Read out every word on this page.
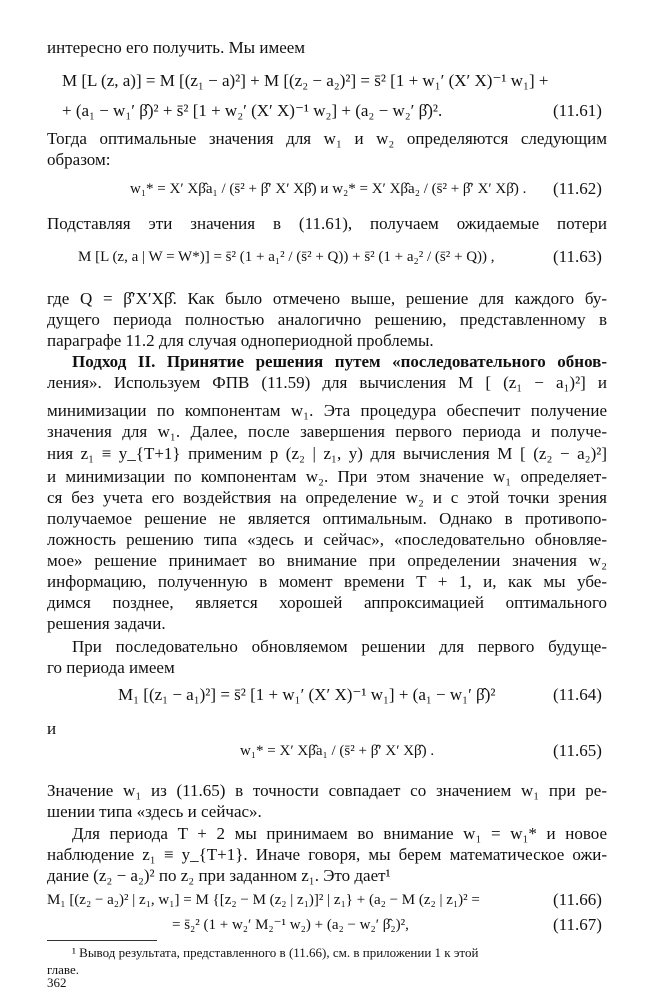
интересно его получить. Мы имеем
M [L (z, a)] = M [(z₁ − a)²] + M [(z₂ − a₂)²] = s̄² [1 + w₁′ (X′ X)⁻¹ w₁] +
+ (a₁ − w₁′ β̂)² + s̄² [1 + w₂′ (X′ X)⁻¹ w₂] + (a₂ − w₂′ β̂)².	(11.61)
Тогда оптимальные значения для w₁ и w₂ определяются следующим
образом:
w₁* = X′ Xβ̂a₁ / (s̄² + β̂′ X′ Xβ̂) и w₂* = X′ Xβ̂a₂ / (s̄² + β̂′ X′ Xβ̂) . (11.62)
Подставляя эти значения в (11.61), получаем ожидаемые потери
M [L (z, a | W = W*)] = s̄² (1 + a₁² / (s̄² + Q)) + s̄² (1 + a₂² / (s̄² + Q)) ,	(11.63)
где Q = β̂′X′Xβ̂. Как было отмечено выше, решение для каждого бу-
дущего периода полностью аналогично решению, представленному в
параграфе 11.2 для случая однопериодной проблемы.
Подход II. Принятие решения путем «последовательного обнов-
ления». Используем ФПВ (11.59) для вычисления M [ (z₁ − a₁)²] и
минимизации по компонентам w₁. Эта процедура обеспечит получение
значения для w₁. Далее, после завершения первого периода и получе-
ния z₁ ≡ y_{T+1} применим p (z₂ | z₁, y) для вычисления M [ (z₂ − a₂)²]
и минимизации по компонентам w₂. При этом значение w₁ определяет-
ся без учета его воздействия на определение w₂ и с этой точки зрения
получаемое решение не является оптимальным. Однако в противопо-
ложность решению типа «здесь и сейчас», «последовательно обновляе-
мое» решение принимает во внимание при определении значения w₂
информацию, полученную в момент времени T + 1, и, как мы убе-
димся позднее, является хорошей аппроксимацией оптимального
решения задачи.
При последовательно обновляемом решении для первого будуще-
го периода имеем
M₁ [(z₁ − a₁)²] = s̄² [1 + w₁′ (X′ X)⁻¹ w₁] + (a₁ − w₁′ β̂)²	(11.64)
и
w₁* = X′ Xβ̂a₁ / (s̄² + β̂′ X′ Xβ̂) .	(11.65)
Значение w₁ из (11.65) в точности совпадает со значением w₁ при ре-
шении типа «здесь и сейчас».
Для периода T + 2 мы принимаем во внимание w₁ = w₁* и новое
наблюдение z₁ ≡ y_{T+1}. Иначе говоря, мы берем математическое ожи-
дание (z₂ − a₂)² по z₂ при заданном z₁. Это дает¹
M₁ [(z₂ − a₂)² | z₁, w₁] = M {[z₂ − M (z₂ | z₁)]² | z₁} + (a₂ − M (z₂ | z₁)² =	(11.66)
= s̄₂² (1 + w₂′ M₂⁻¹ w₂) + (a₂ − w₂′ β̂₂)²,	(11.67)
¹ Вывод результата, представленного в (11.66), см. в приложении 1 к этой
главе.
362
